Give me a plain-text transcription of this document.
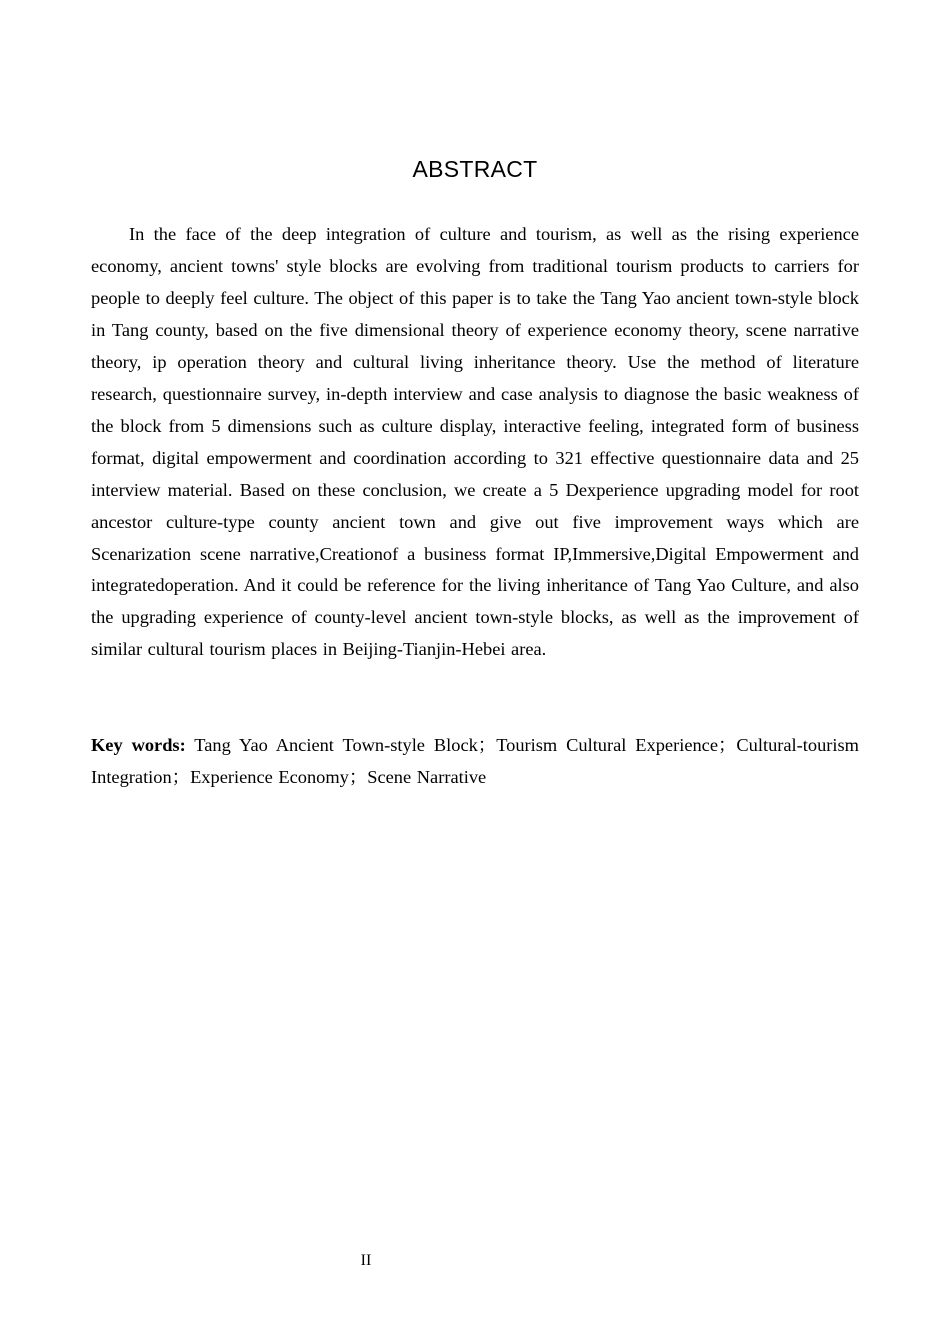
ABSTRACT

In the face of the deep integration of culture and tourism, as well as the rising experience economy, ancient towns' style blocks are evolving from traditional tourism products to carriers for people to deeply feel culture. The object of this paper is to take the Tang Yao ancient town-style block in Tang county, based on the five dimensional theory of experience economy theory, scene narrative theory, ip operation theory and cultural living inheritance theory. Use the method of literature research, questionnaire survey, in-depth interview and case analysis to diagnose the basic weakness of the block from 5 dimensions such as culture display, interactive feeling, integrated form of business format, digital empowerment and coordination according to 321 effective questionnaire data and 25 interview material. Based on these conclusion, we create a 5 Dexperience upgrading model for root ancestor culture-type county ancient town and give out five improvement ways which are Scenarization scene narrative,Creationof a business format IP,Immersive,Digital Empowerment and integratedoperation. And it could be reference for the living inheritance of Tang Yao Culture, and also the upgrading experience of county-level ancient town-style blocks, as well as the improvement of similar cultural tourism places in Beijing-Tianjin-Hebei area.

Key words: Tang Yao Ancient Town-style Block；Tourism Cultural Experience；Cultural-tourism Integration；Experience Economy；Scene Narrative

II
